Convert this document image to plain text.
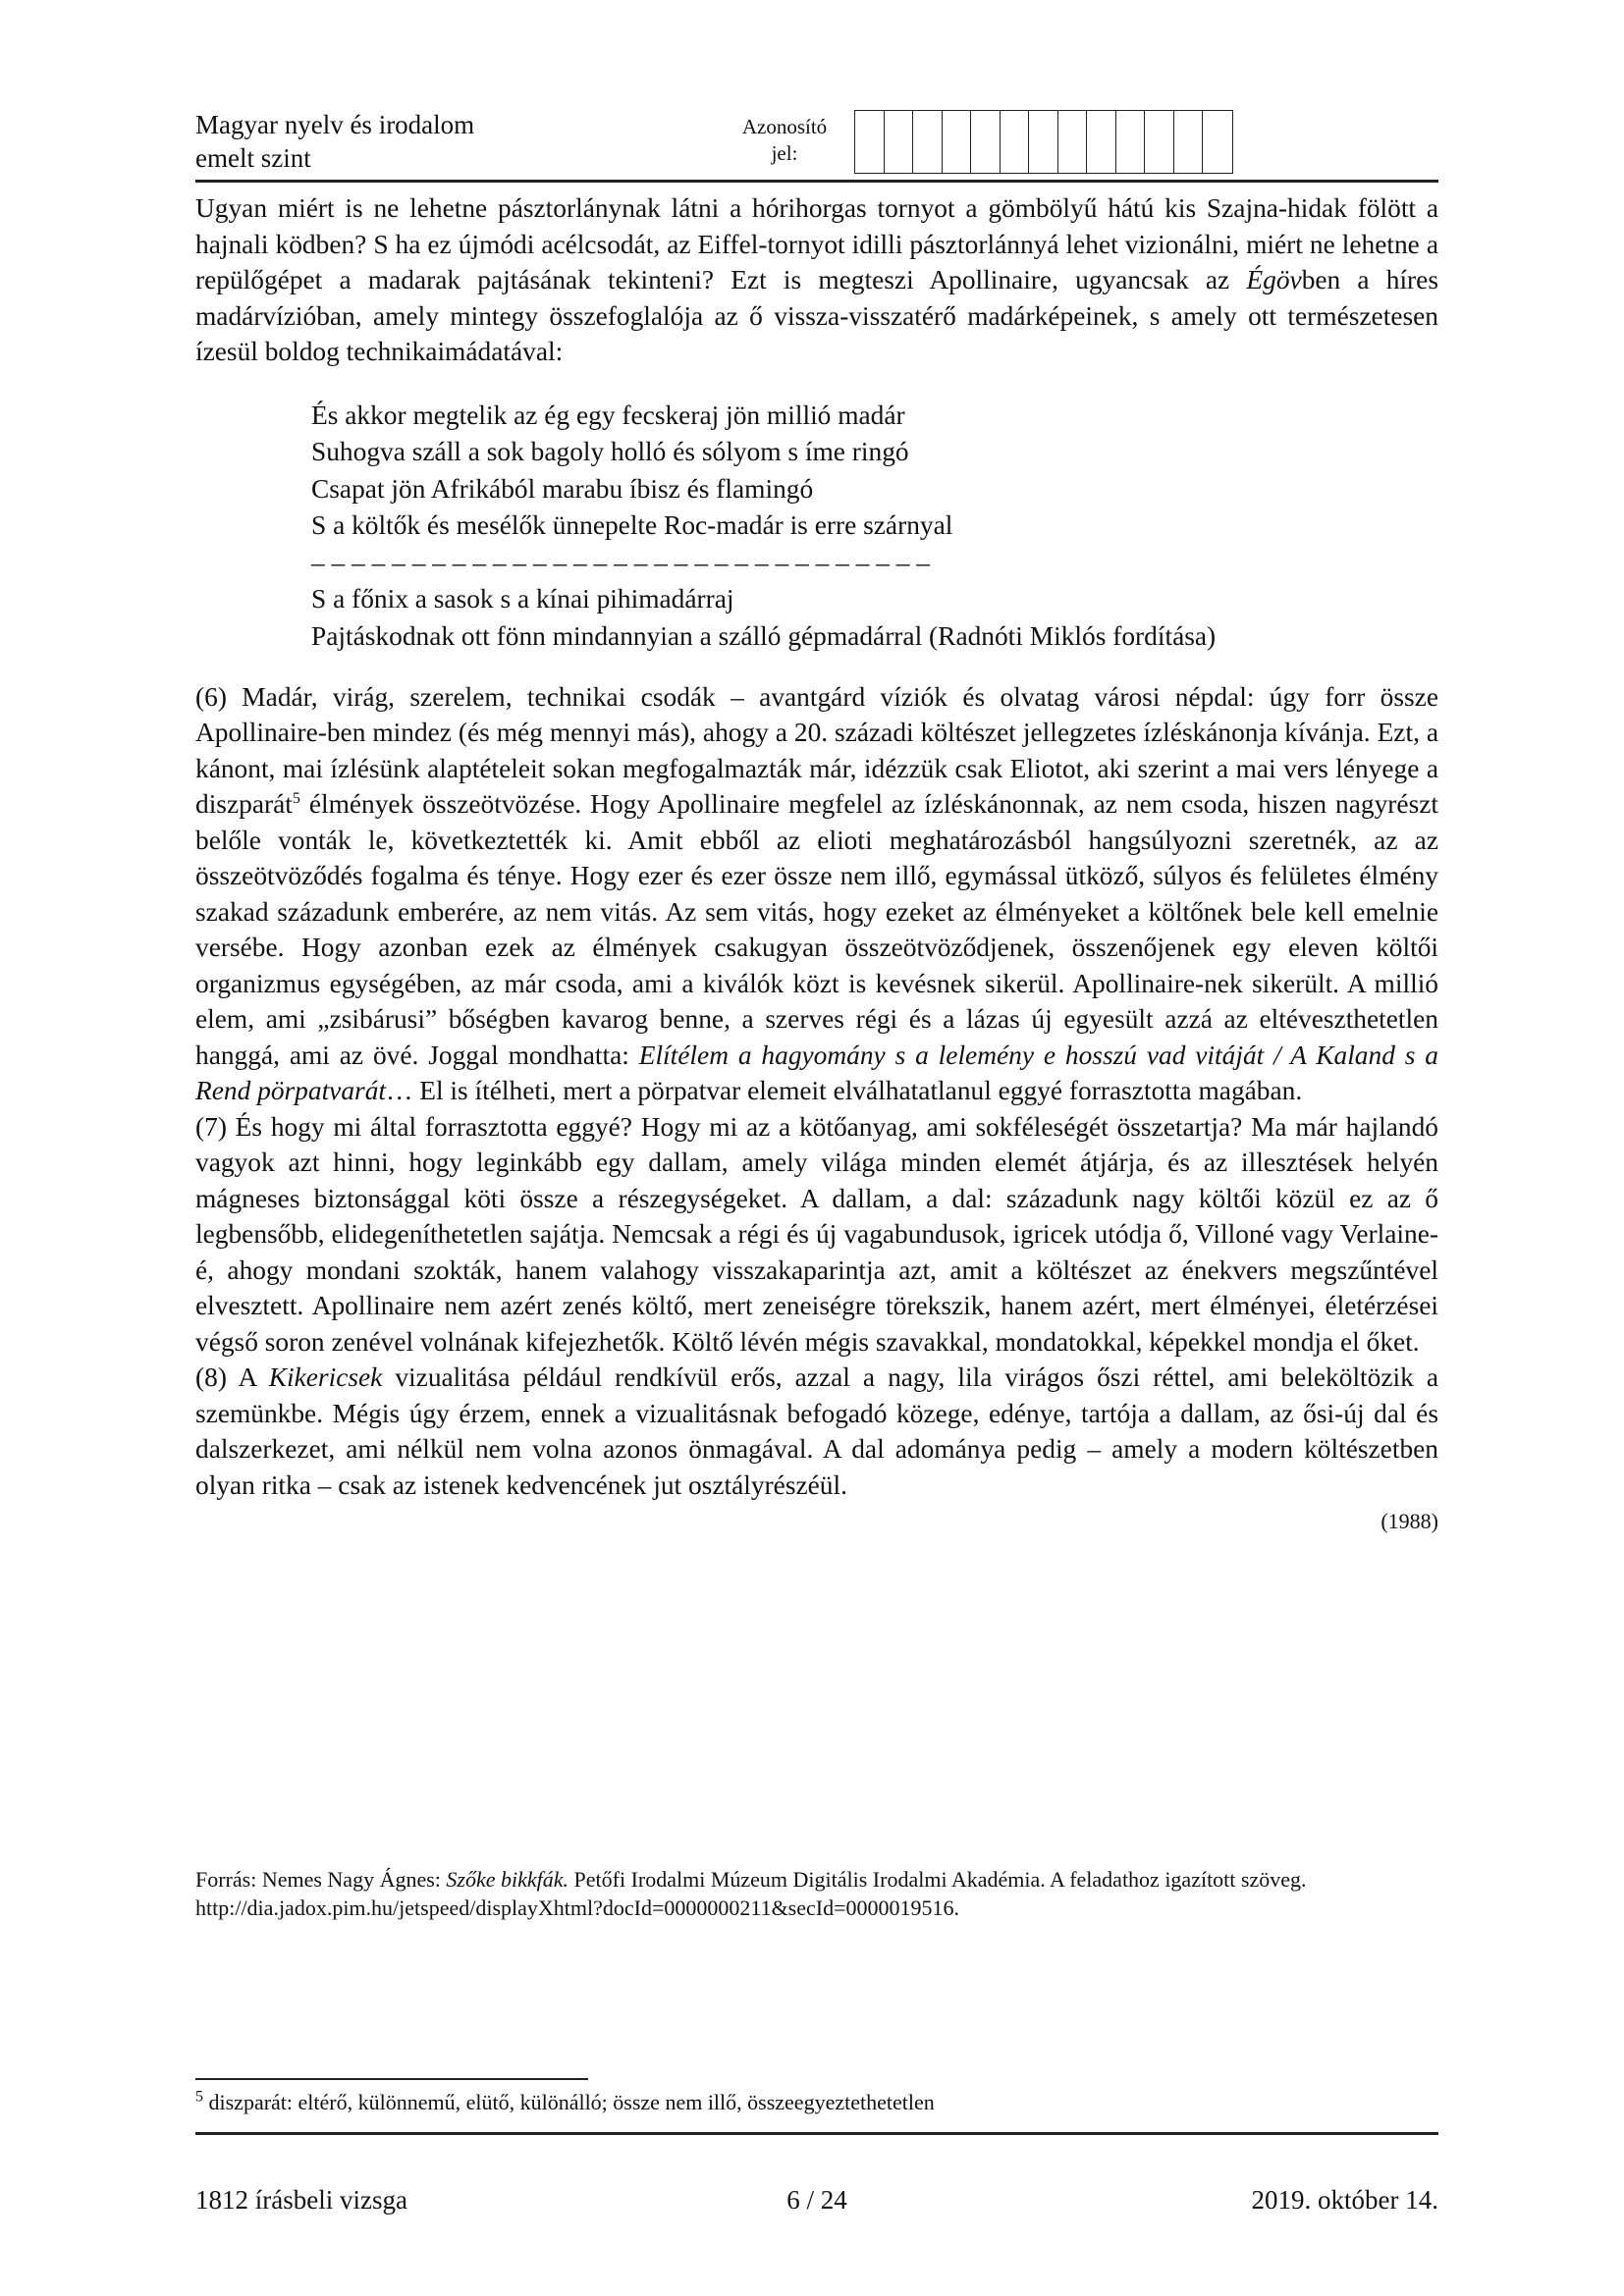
Magyar nyelv és irodalom
emelt szint
Azonosító
jel:

Ugyan miért is ne lehetne pásztorlánynak látni a hórihorgas tornyot a gömbölyű hátú kis Szajna-hidak fölött a hajnali ködben? S ha ez újmódi acélcsodát, az Eiffel-tornyot idilli pásztorlánnyá lehet vizionálni, miért ne lehetne a repülőgépet a madarak pajtásának tekinteni? Ezt is megteszi Apollinaire, ugyancsak az Égövben a híres madárvízióban, amely mintegy összefoglalója az ő vissza-visszatérő madárképeinek, s amely ott természetesen ízesül boldog technikaimádatával:

És akkor megtelik az ég egy fecskeraj jön millió madár
Suhogva száll a sok bagoly holló és sólyom s íme ringó
Csapat jön Afrikából marabu íbisz és flamingó
S a költők és mesélők ünnepelte Roc-madár is erre szárnyal
– – – – – – – – – – – – – – – – – – – – – – – – – – – – – – –
S a főnix a sasok s a kínai pihimadárraj
Pajtáskodnak ott fönn mindannyian a szálló gépmadárral (Radnóti Miklós fordítása)

(6) Madár, virág, szerelem, technikai csodák – avantgárd víziók és olvatag városi népdal: úgy forr össze Apollinaire-ben mindez (és még mennyi más), ahogy a 20. századi költészet jellegzetes ízléskánonja kívánja. Ezt, a kánont, mai ízlésünk alaptételeit sokan megfogalmazták már, idézzük csak Eliotot, aki szerint a mai vers lényege a diszparát$^5$ élmények összeötvözése. Hogy Apollinaire megfelel az ízléskánonnak, az nem csoda, hiszen nagyrészt belőle vonták le, következtették ki. Amit ebből az elioti meghatározásból hangsúlyozni szeretnék, az az összeötvöződés fogalma és ténye. Hogy ezer és ezer össze nem illő, egymással ütköző, súlyos és felületes élmény szakad századunk emberére, az nem vitás. Az sem vitás, hogy ezeket az élményeket a költőnek bele kell emelnie versébe. Hogy azonban ezek az élmények csakugyan összeötvöződjenek, összenőjenek egy eleven költői organizmus egységében, az már csoda, ami a kiválók közt is kevésnek sikerül. Apollinaire-nek sikerült. A millió elem, ami „zsibárusi” bőségben kavarog benne, a szerves régi és a lázas új egyesült azzá az eltéveszthetetlen hanggá, ami az övé. Joggal mondhatta: Elítélem a hagyomány s a lelemény e hosszú vad vitáját / A Kaland s a Rend pörpatvarát… El is ítélheti, mert a pörpatvar elemeit elválhatatlanul eggyé forrasztotta magában.

(7) És hogy mi által forrasztotta eggyé? Hogy mi az a kötőanyag, ami sokféleségét összetartja? Ma már hajlandó vagyok azt hinni, hogy leginkább egy dallam, amely világa minden elemét átjárja, és az illesztések helyén mágneses biztonsággal köti össze a részegységeket. A dallam, a dal: századunk nagy költői közül ez az ő legbensőbb, elidegeníthetetlen sajátja. Nemcsak a régi és új vagabundusok, igricek utódja ő, Villoné vagy Verlaine-é, ahogy mondani szokták, hanem valahogy visszakaparintja azt, amit a költészet az énekvers megszűntével elvesztett. Apollinaire nem azért zenés költő, mert zeneiségre törekszik, hanem azért, mert élményei, életérzései végső soron zenével volnának kifejezhetők. Költő lévén mégis szavakkal, mondatokkal, képekkel mondja el őket.

(8) A Kikericsek vizualitása például rendkívül erős, azzal a nagy, lila virágos őszi réttel, ami beleköltözik a szemünkbe. Mégis úgy érzem, ennek a vizualitásnak befogadó közege, edénye, tartója a dallam, az ősi-új dal és dalszerkezet, ami nélkül nem volna azonos önmagával. A dal adománya pedig – amely a modern költészetben olyan ritka – csak az istenek kedvencének jut osztályrészéül.

(1988)

Forrás: Nemes Nagy Ágnes: Szőke bikkfák. Petőfi Irodalmi Múzeum Digitális Irodalmi Akadémia. A feladathoz igazított szöveg.

http://dia.jadox.pim.hu/jetspeed/displayXhtml?docId=0000000211&secId=0000019516.

$^5$ diszparát: eltérő, különnemű, elütő, különálló; össze nem illő, összeegyeztethetetlen
1812 írásbeli vizsga	6 / 24	2019. október 14.
